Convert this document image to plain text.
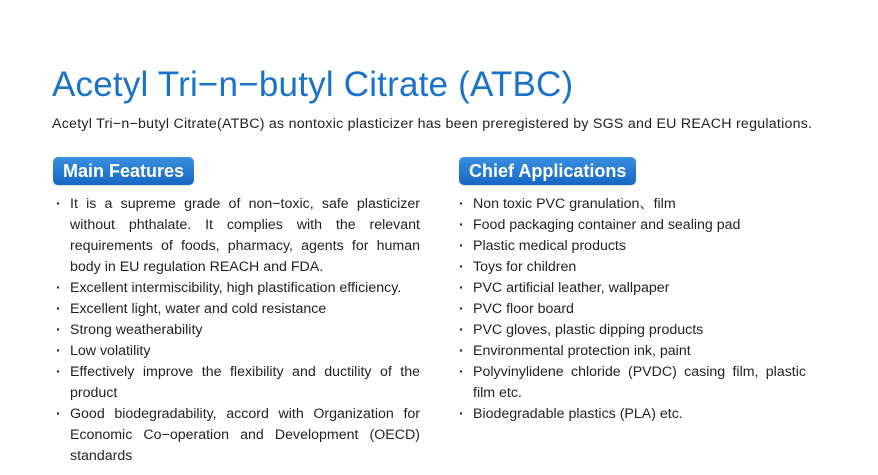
Acetyl Tri−n−butyl Citrate (ATBC)

Acetyl Tri−n−butyl Citrate(ATBC) as nontoxic plasticizer has been preregistered by SGS and EU REACH regulations.

Main Features	Chief Applications
· It is a supreme grade of non−toxic, safe plasticizer without phthalate. It complies with the relevant requirements of foods, pharmacy, agents for human body in EU regulation REACH and FDA.
· Excellent intermiscibility, high plastification efficiency.
· Excellent light, water and cold resistance
· Strong weatherability
· Low volatility
· Effectively improve the flexibility and ductility of the product
· Good biodegradability, accord with Organization for Economic Co−operation and Development (OECD) standards
· Non toxic PVC granulation、film
· Food packaging container and sealing pad
· Plastic medical products
· Toys for children
· PVC artificial leather, wallpaper
· PVC floor board
· PVC gloves, plastic dipping products
· Environmental protection ink, paint
· Polyvinylidene chloride (PVDC) casing film, plastic film etc.
· Biodegradable plastics (PLA) etc.
